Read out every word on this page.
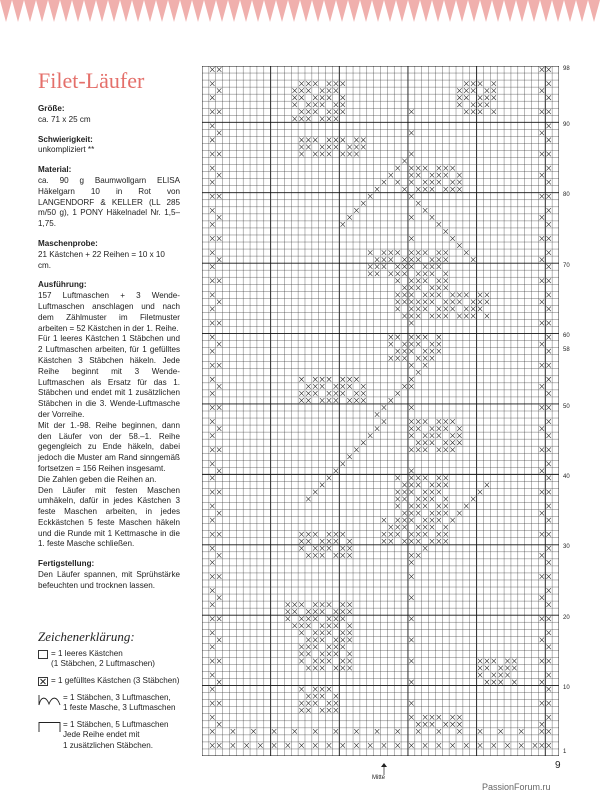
Filet-Läufer
Größe:
ca. 71 x 25 cm
Schwierigkeit:
unkompliziert **
Material:
ca. 90 g Baumwollgarn ELISA Häkelgarn 10 in Rot von LANGENDORF & KELLER (LL 285 m/50 g), 1 PONY Häkelnadel Nr. 1,5–1,75.
Maschenprobe:
21 Kästchen + 22 Reihen = 10 x 10 cm.
Ausführung:
157 Luftmaschen + 3 Wende-Luftmaschen anschlagen und nach dem Zählmuster im Filetmuster arbeiten = 52 Kästchen in der 1. Reihe.
Für 1 leeres Kästchen 1 Stäbchen und 2 Luftmaschen arbeiten, für 1 gefülltes Kästchen 3 Stäbchen häkeln. Jede Reihe beginnt mit 3 Wende-Luftmaschen als Ersatz für das 1. Stäbchen und endet mit 1 zusätzlichen Stäbchen in die 3. Wende-Luftmasche der Vorreihe.
Mit der 1.-98. Reihe beginnen, dann den Läufer von der 58.–1. Reihe gegengleich zu Ende häkeln, dabei jedoch die Muster am Rand sinngemäß fortsetzen = 156 Reihen insgesamt.
Die Zahlen geben die Reihen an.
Den Läufer mit festen Maschen umhäkeln, dafür in jedes Kästchen 3 feste Maschen arbeiten, in jedes Eckkästchen 5 feste Maschen häkeln und die Runde mit 1 Kettmasche in die 1. feste Masche schließen.
Fertigstellung:
Den Läufer spannen, mit Sprühstärke befeuchten und trocknen lassen.
Zeichenerklärung:
= 1 leeres Kästchen
(1 Stäbchen, 2 Luftmaschen)
= 1 gefülltes Kästchen (3 Stäbchen)
= 1 Stäbchen, 3 Luftmaschen,
1 feste Masche, 3 Luftmaschen
= 1 Stäbchen, 5 Luftmaschen
Jede Reihe endet mit
1 zusätzlichen Stäbchen.
Mitte
98
90
80
70
60
58
50
40
30
20
10
1
9
PassionForum.ru
